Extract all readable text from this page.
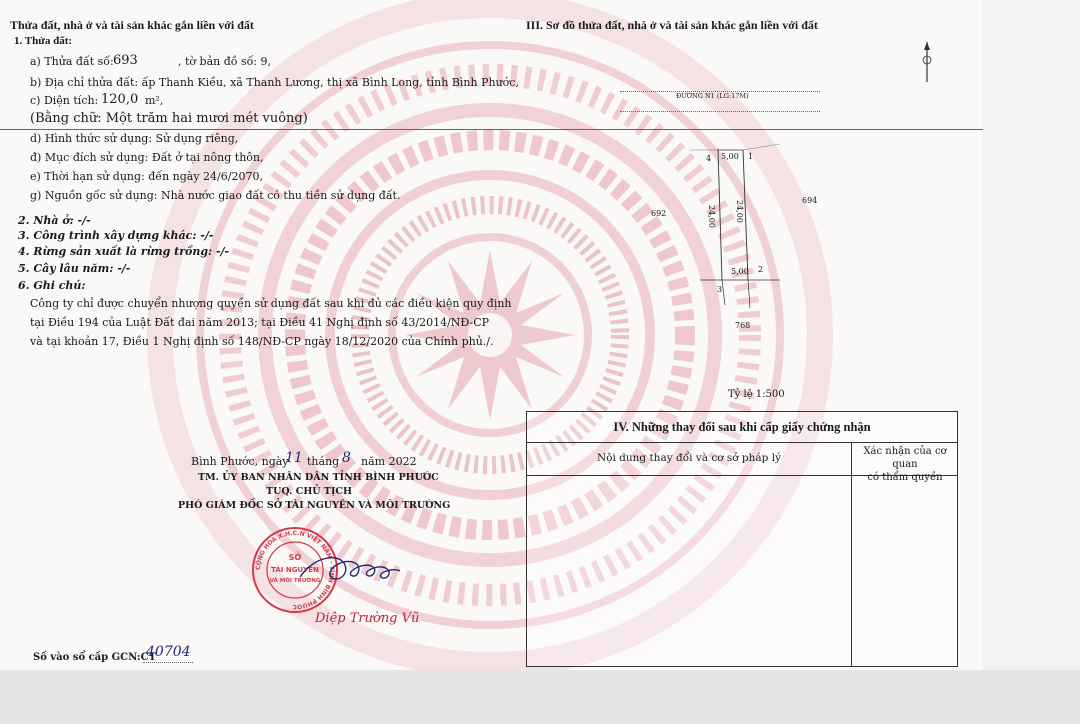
Thửa đất, nhà ở và tài sản khác gắn liền với đất
1. Thửa đất:
a) Thửa đất số: 693	, tờ bản đồ số: 9,
b) Địa chỉ thửa đất: ấp Thanh Kiều, xã Thanh Lương, thị xã Bình Long, tỉnh Bình Phước,
c) Diện tích: 120,0 m²,
(Bằng chữ: Một trăm hai mươi mét vuông)
d) Hình thức sử dụng: Sử dụng riêng,
đ) Mục đích sử dụng: Đất ở tại nông thôn,
e) Thời hạn sử dụng: đến ngày 24/6/2070,
g) Nguồn gốc sử dụng: Nhà nước giao đất có thu tiền sử dụng đất.
2. Nhà ở: -/-
3. Công trình xây dựng khác: -/-
4. Rừng sản xuất là rừng trồng: -/-
5. Cây lâu năm: -/-
6. Ghi chú:
Công ty chỉ được chuyển nhượng quyền sử dụng đất sau khi đủ các điều kiện quy định
tại Điều 194 của Luật Đất đai năm 2013; tại Điều 41 Nghị định số 43/2014/NĐ-CP
và tại khoản 17, Điều 1 Nghị định số 148/NĐ-CP ngày 18/12/2020 của Chính phủ./.
Bình Phước, ngày
11 tháng 8 năm 2022
TM. ỦY BAN NHÂN DÂN TỈNH BÌNH PHƯỚC
TUQ. CHỦ TỊCH
PHÓ GIÁM ĐỐC SỞ TÀI NGUYÊN VÀ MÔI TRƯỜNG
CỘNG HÒA X.H.C.N VIỆT NAM · TỈNH BÌNH PHƯỚC
SỞ
TÀI NGUYÊN
VÀ MÔI TRƯỜNG
Diệp Trường Vũ
Số vào sổ cấp GCN:CT
40704
III. Sơ đồ thửa đất, nhà ở và tài sản khác gắn liền với đất
ĐƯỜNG N1 (LG:17M)
4 5,00 1
692
694
24,00	24,00
5,00 2
3
768
Tỷ lệ 1:500
IV. Những thay đổi sau khi cấp giấy chứng nhận
Nội dung thay đổi và cơ sở pháp lý
Xác nhận của cơ quan
có thẩm quyền
